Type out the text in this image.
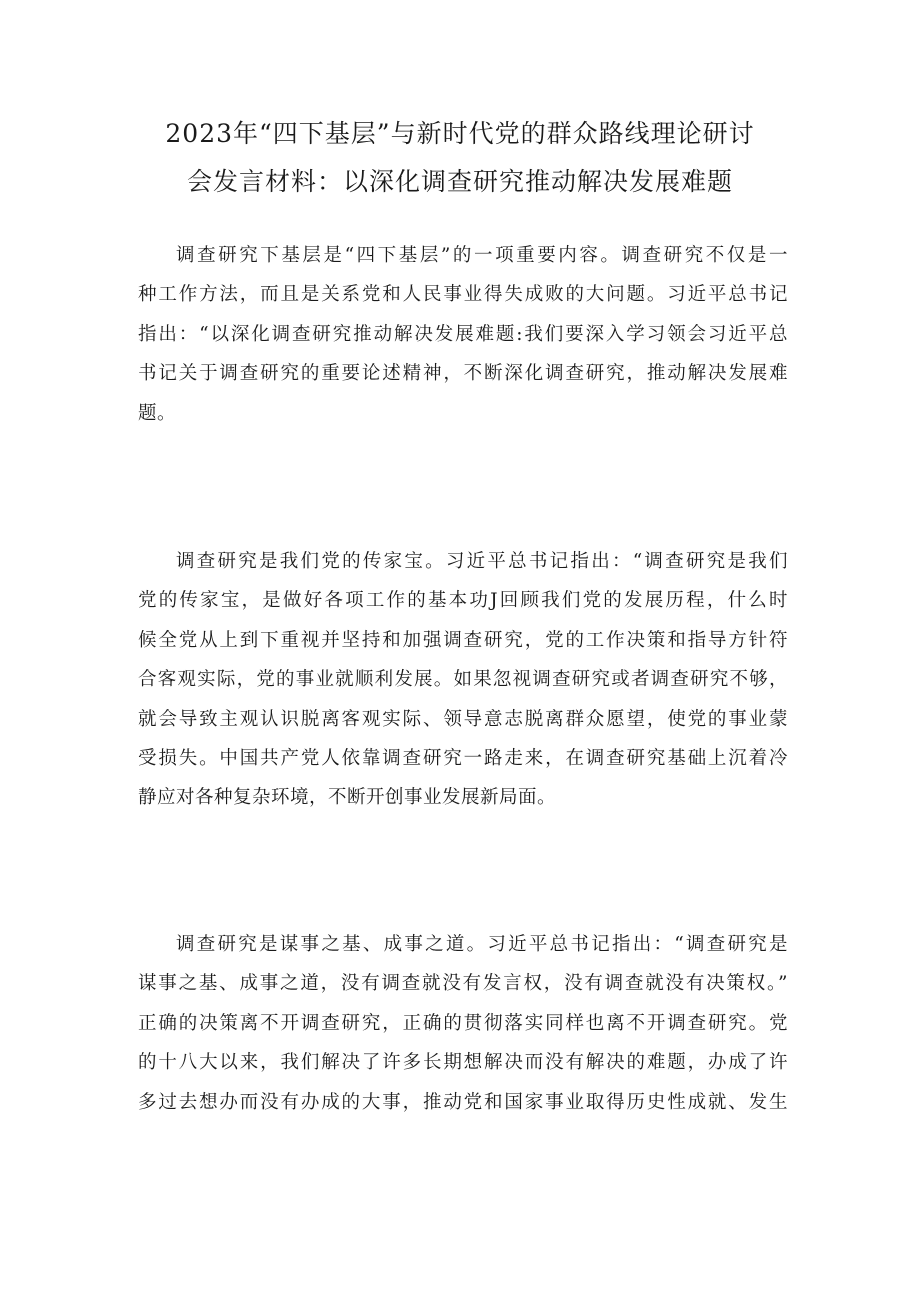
2023年“四下基层”与新时代党的群众路线理论研讨
会发言材料：以深化调查研究推动解决发展难题
调查研究下基层是“四下基层”的一项重要内容。调查研究不仅是一
种工作方法，而且是关系党和人民事业得失成败的大问题。习近平总书记
指出：“以深化调查研究推动解决发展难题:我们要深入学习领会习近平总
书记关于调查研究的重要论述精神，不断深化调查研究，推动解决发展难
题。
调查研究是我们党的传家宝。习近平总书记指出：“调查研究是我们
党的传家宝，是做好各项工作的基本功J回顾我们党的发展历程，什么时
候全党从上到下重视并坚持和加强调查研究，党的工作决策和指导方针符
合客观实际，党的事业就顺利发展。如果忽视调查研究或者调查研究不够，
就会导致主观认识脱离客观实际、领导意志脱离群众愿望，使党的事业蒙
受损失。中国共产党人依靠调查研究一路走来，在调查研究基础上沉着冷
静应对各种复杂环境，不断开创事业发展新局面。
调查研究是谋事之基、成事之道。习近平总书记指出：“调查研究是
谋事之基、成事之道，没有调查就没有发言权，没有调查就没有决策权。”
正确的决策离不开调查研究，正确的贯彻落实同样也离不开调查研究。党
的十八大以来，我们解决了许多长期想解决而没有解决的难题，办成了许
多过去想办而没有办成的大事，推动党和国家事业取得历史性成就、发生
